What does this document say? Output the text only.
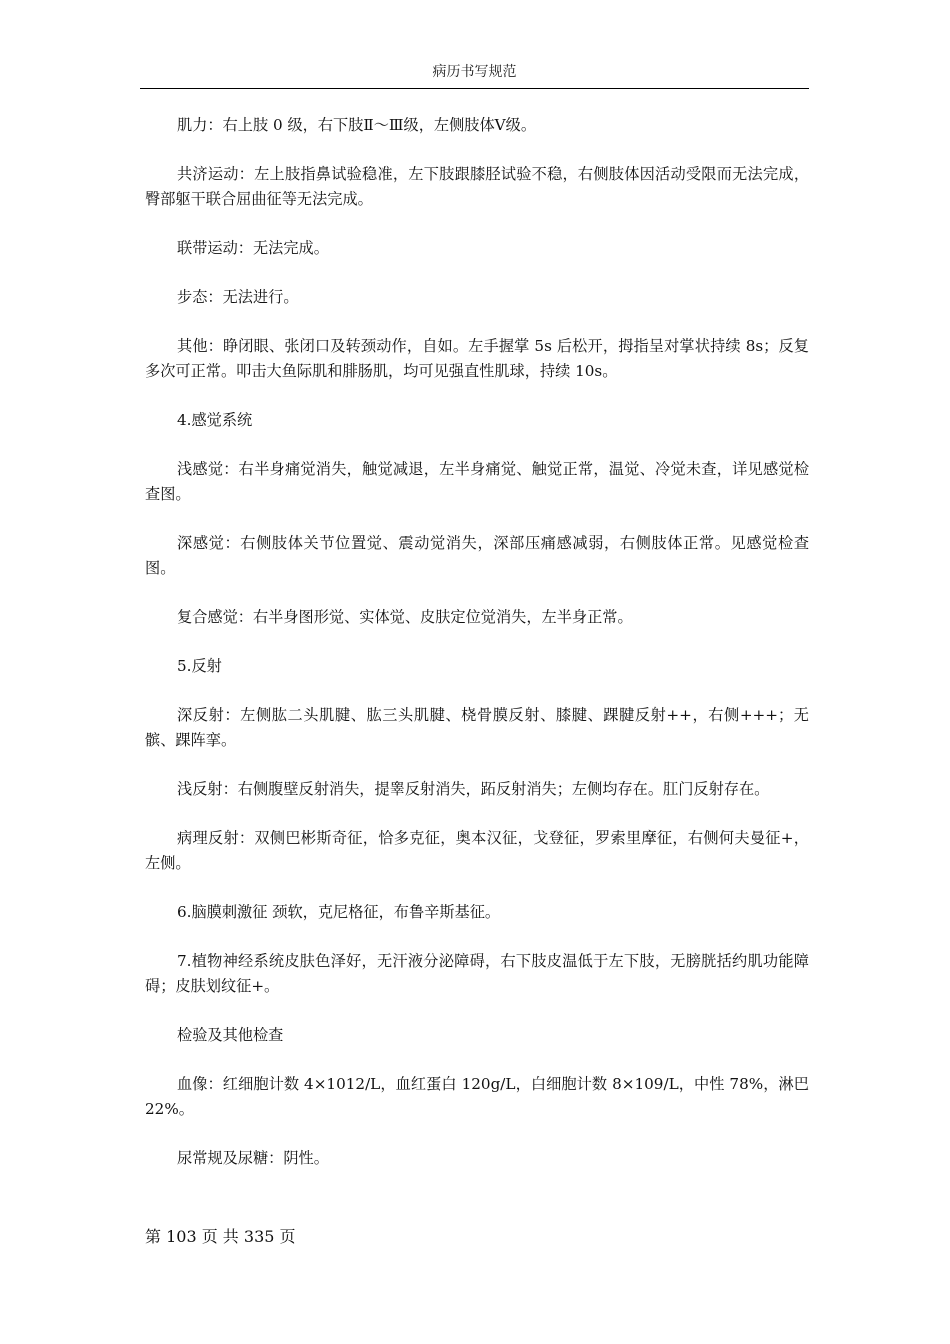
病历书写规范

肌力：右上肢 0 级，右下肢Ⅱ～Ⅲ级，左侧肢体Ⅴ级。

共济运动：左上肢指鼻试验稳准，左下肢跟膝胫试验不稳，右侧肢体因活动受限而无法完成，臀部躯干联合屈曲征等无法完成。

联带运动：无法完成。

步态：无法进行。

其他：睁闭眼、张闭口及转颈动作，自如。左手握掌 5s 后松开，拇指呈对掌状持续 8s；反复多次可正常。叩击大鱼际肌和腓肠肌，均可见强直性肌球，持续 10s。

4.感觉系统

浅感觉：右半身痛觉消失，触觉减退，左半身痛觉、触觉正常，温觉、冷觉未查，详见感觉检查图。

深感觉：右侧肢体关节位置觉、震动觉消失，深部压痛感减弱，右侧肢体正常。见感觉检查图。

复合感觉：右半身图形觉、实体觉、皮肤定位觉消失，左半身正常。

5.反射

深反射：左侧肱二头肌腱、肱三头肌腱、桡骨膜反射、膝腱、踝腱反射++，右侧+++；无髌、踝阵挛。

浅反射：右侧腹壁反射消失，提睾反射消失，跖反射消失；左侧均存在。肛门反射存在。

病理反射：双侧巴彬斯奇征，恰多克征，奥本汉征，戈登征，罗索里摩征，右侧何夫曼征+，左侧。

6.脑膜刺激征 颈软，克尼格征，布鲁辛斯基征。

7.植物神经系统皮肤色泽好，无汗液分泌障碍，右下肢皮温低于左下肢，无膀胱括约肌功能障碍；皮肤划纹征+。

检验及其他检查

血像：红细胞计数 4×1012/L，血红蛋白 120g/L，白细胞计数 8×109/L，中性 78%，淋巴 22%。

尿常规及尿糖：阴性。

第 103 页 共 335 页
